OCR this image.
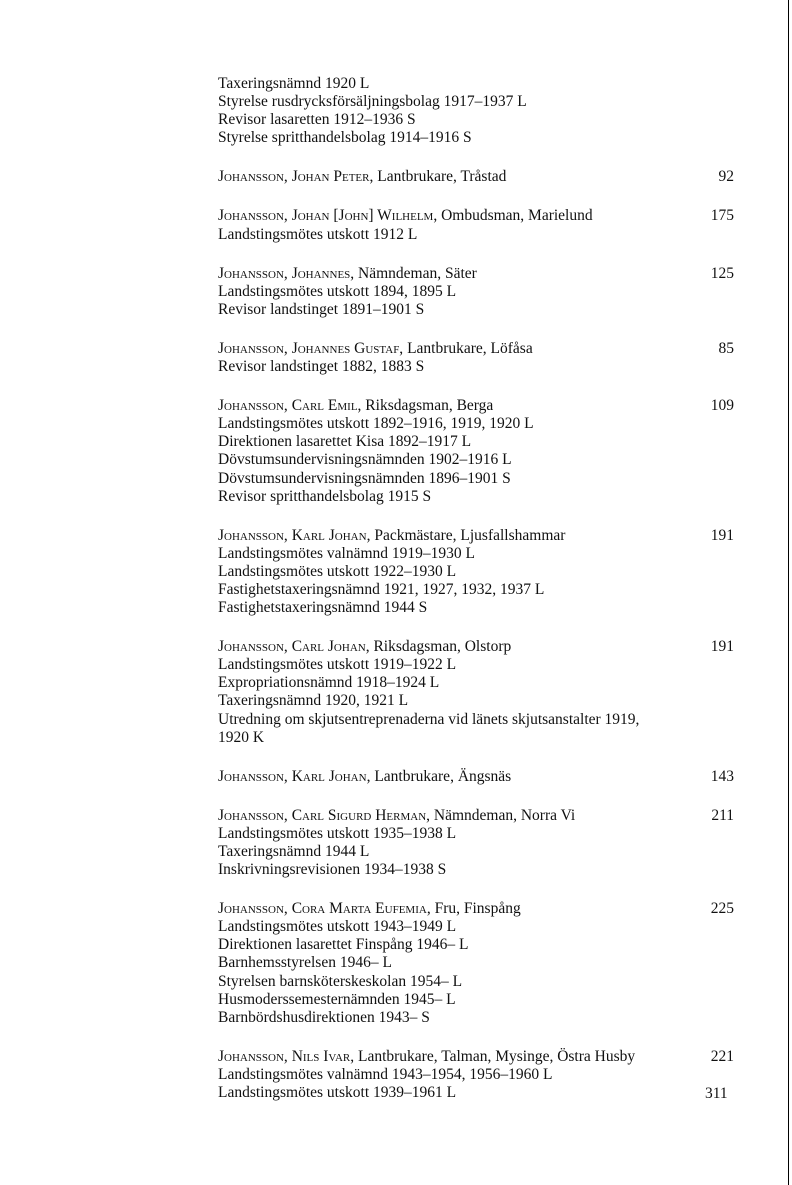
Taxeringsnämnd 1920 L
Styrelse rusdrycksförsäljningsbolag 1917–1937 L
Revisor lasaretten 1912–1936 S
Styrelse spritthandelsbolag 1914–1916 S
Johansson, Johan Peter, Lantbrukare, Tråstad	92
Johansson, Johan [John] Wilhelm, Ombudsman, Marielund	175
Landstingsmötes utskott 1912 L
Johansson, Johannes, Nämndeman, Säter	125
Landstingsmötes utskott 1894, 1895 L
Revisor landstinget 1891–1901 S
Johansson, Johannes Gustaf, Lantbrukare, Löfåsa	85
Revisor landstinget 1882, 1883 S
Johansson, Carl Emil, Riksdagsman, Berga	109
Landstingsmötes utskott 1892–1916, 1919, 1920 L
Direktionen lasarettet Kisa 1892–1917 L
Dövstumsundervisningsnämnden 1902–1916 L
Dövstumsundervisningsnämnden 1896–1901 S
Revisor spritthandelsbolag 1915 S
Johansson, Karl Johan, Packmästare, Ljusfallshammar	191
Landstingsmötes valnämnd 1919–1930 L
Landstingsmötes utskott 1922–1930 L
Fastighetstaxeringsnämnd 1921, 1927, 1932, 1937 L
Fastighetstaxeringsnämnd 1944 S
Johansson, Carl Johan, Riksdagsman, Olstorp	191
Landstingsmötes utskott 1919–1922 L
Expropriationsnämnd 1918–1924 L
Taxeringsnämnd 1920, 1921 L
Utredning om skjutsentreprenaderna vid länets skjutsanstalter 1919,
1920 K
Johansson, Karl Johan, Lantbrukare, Ängsnäs	143
Johansson, Carl Sigurd Herman, Nämndeman, Norra Vi	211
Landstingsmötes utskott 1935–1938 L
Taxeringsnämnd 1944 L
Inskrivningsrevisionen 1934–1938 S
Johansson, Cora Marta Eufemia, Fru, Finspång	225
Landstingsmötes utskott 1943–1949 L
Direktionen lasarettet Finspång 1946– L
Barnhemsstyrelsen 1946– L
Styrelsen barnsköterskeskolan 1954– L
Husmoderssemesternämnden 1945– L
Barnbördshusdirektionen 1943– S
Johansson, Nils Ivar, Lantbrukare, Talman, Mysinge, Östra Husby	221
Landstingsmötes valnämnd 1943–1954, 1956–1960 L
Landstingsmötes utskott 1939–1961 L	311
